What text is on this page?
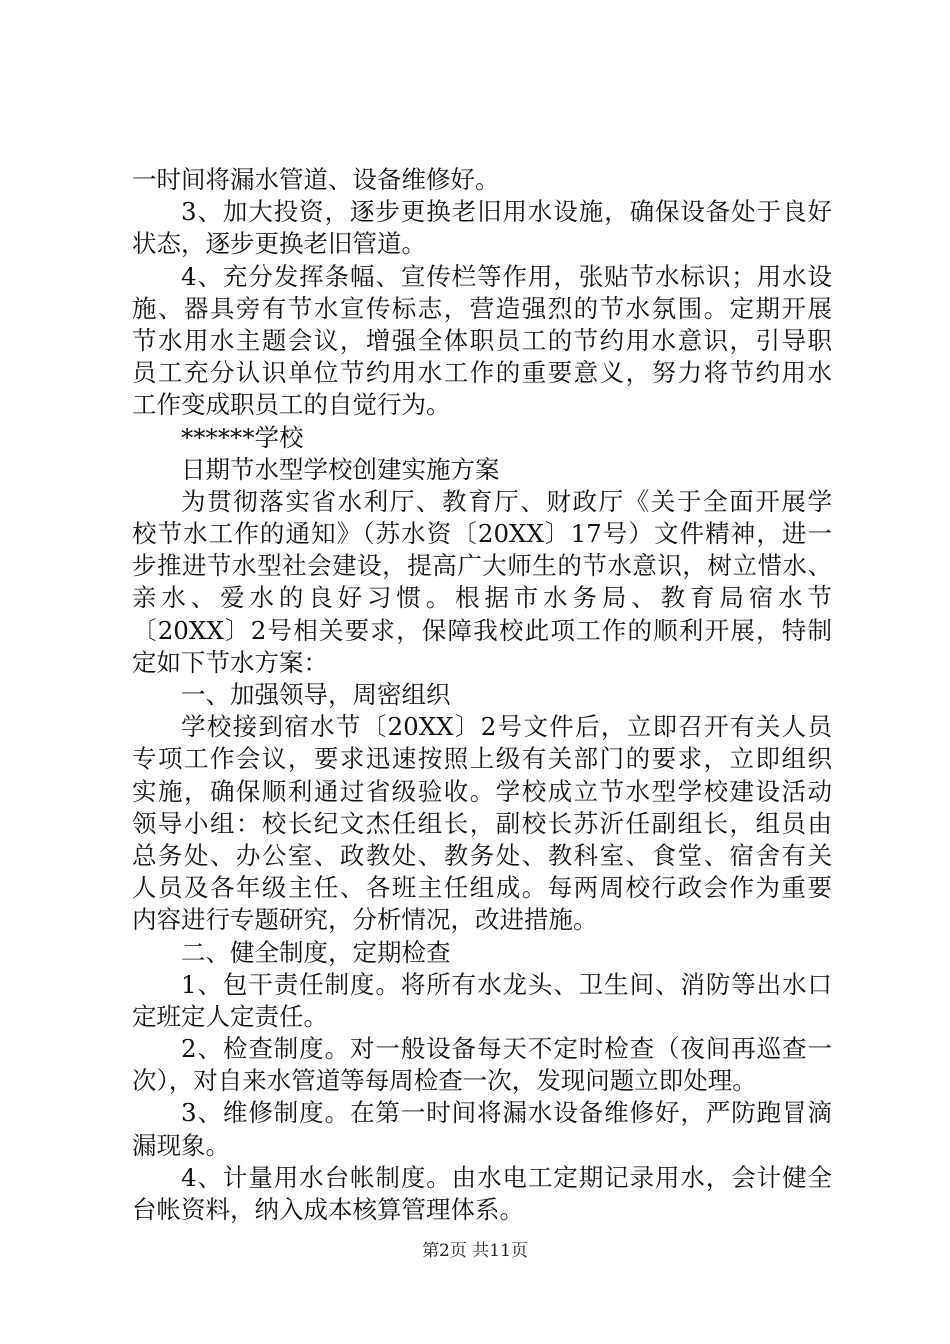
一时间将漏水管道、设备维修好。
3、加大投资，逐步更换老旧用水设施，确保设备处于良好
状态，逐步更换老旧管道。
4、充分发挥条幅、宣传栏等作用，张贴节水标识；用水设
施、器具旁有节水宣传标志，营造强烈的节水氛围。定期开展
节水用水主题会议，增强全体职员工的节约用水意识，引导职
员工充分认识单位节约用水工作的重要意义，努力将节约用水
工作变成职员工的自觉行为。
******学校
日期节水型学校创建实施方案
为贯彻落实省水利厅、教育厅、财政厅《关于全面开展学
校节水工作的通知》（苏水资〔20XX〕17号）文件精神，进一
步推进节水型社会建设，提高广大师生的节水意识，树立惜水、
亲水、爱水的良好习惯。根据市水务局、教育局宿水节
〔20XX〕2号相关要求，保障我校此项工作的顺利开展，特制
定如下节水方案：
一、加强领导，周密组织
学校接到宿水节〔20XX〕2号文件后，立即召开有关人员
专项工作会议，要求迅速按照上级有关部门的要求，立即组织
实施，确保顺利通过省级验收。学校成立节水型学校建设活动
领导小组：校长纪文杰任组长，副校长苏沂任副组长，组员由
总务处、办公室、政教处、教务处、教科室、食堂、宿舍有关
人员及各年级主任、各班主任组成。每两周校行政会作为重要
内容进行专题研究，分析情况，改进措施。
二、健全制度，定期检查
1、包干责任制度。将所有水龙头、卫生间、消防等出水口
定班定人定责任。
2、检查制度。对一般设备每天不定时检查（夜间再巡查一
次），对自来水管道等每周检查一次，发现问题立即处理。
3、维修制度。在第一时间将漏水设备维修好，严防跑冒滴
漏现象。
4、计量用水台帐制度。由水电工定期记录用水，会计健全
台帐资料，纳入成本核算管理体系。
第2页 共11页
